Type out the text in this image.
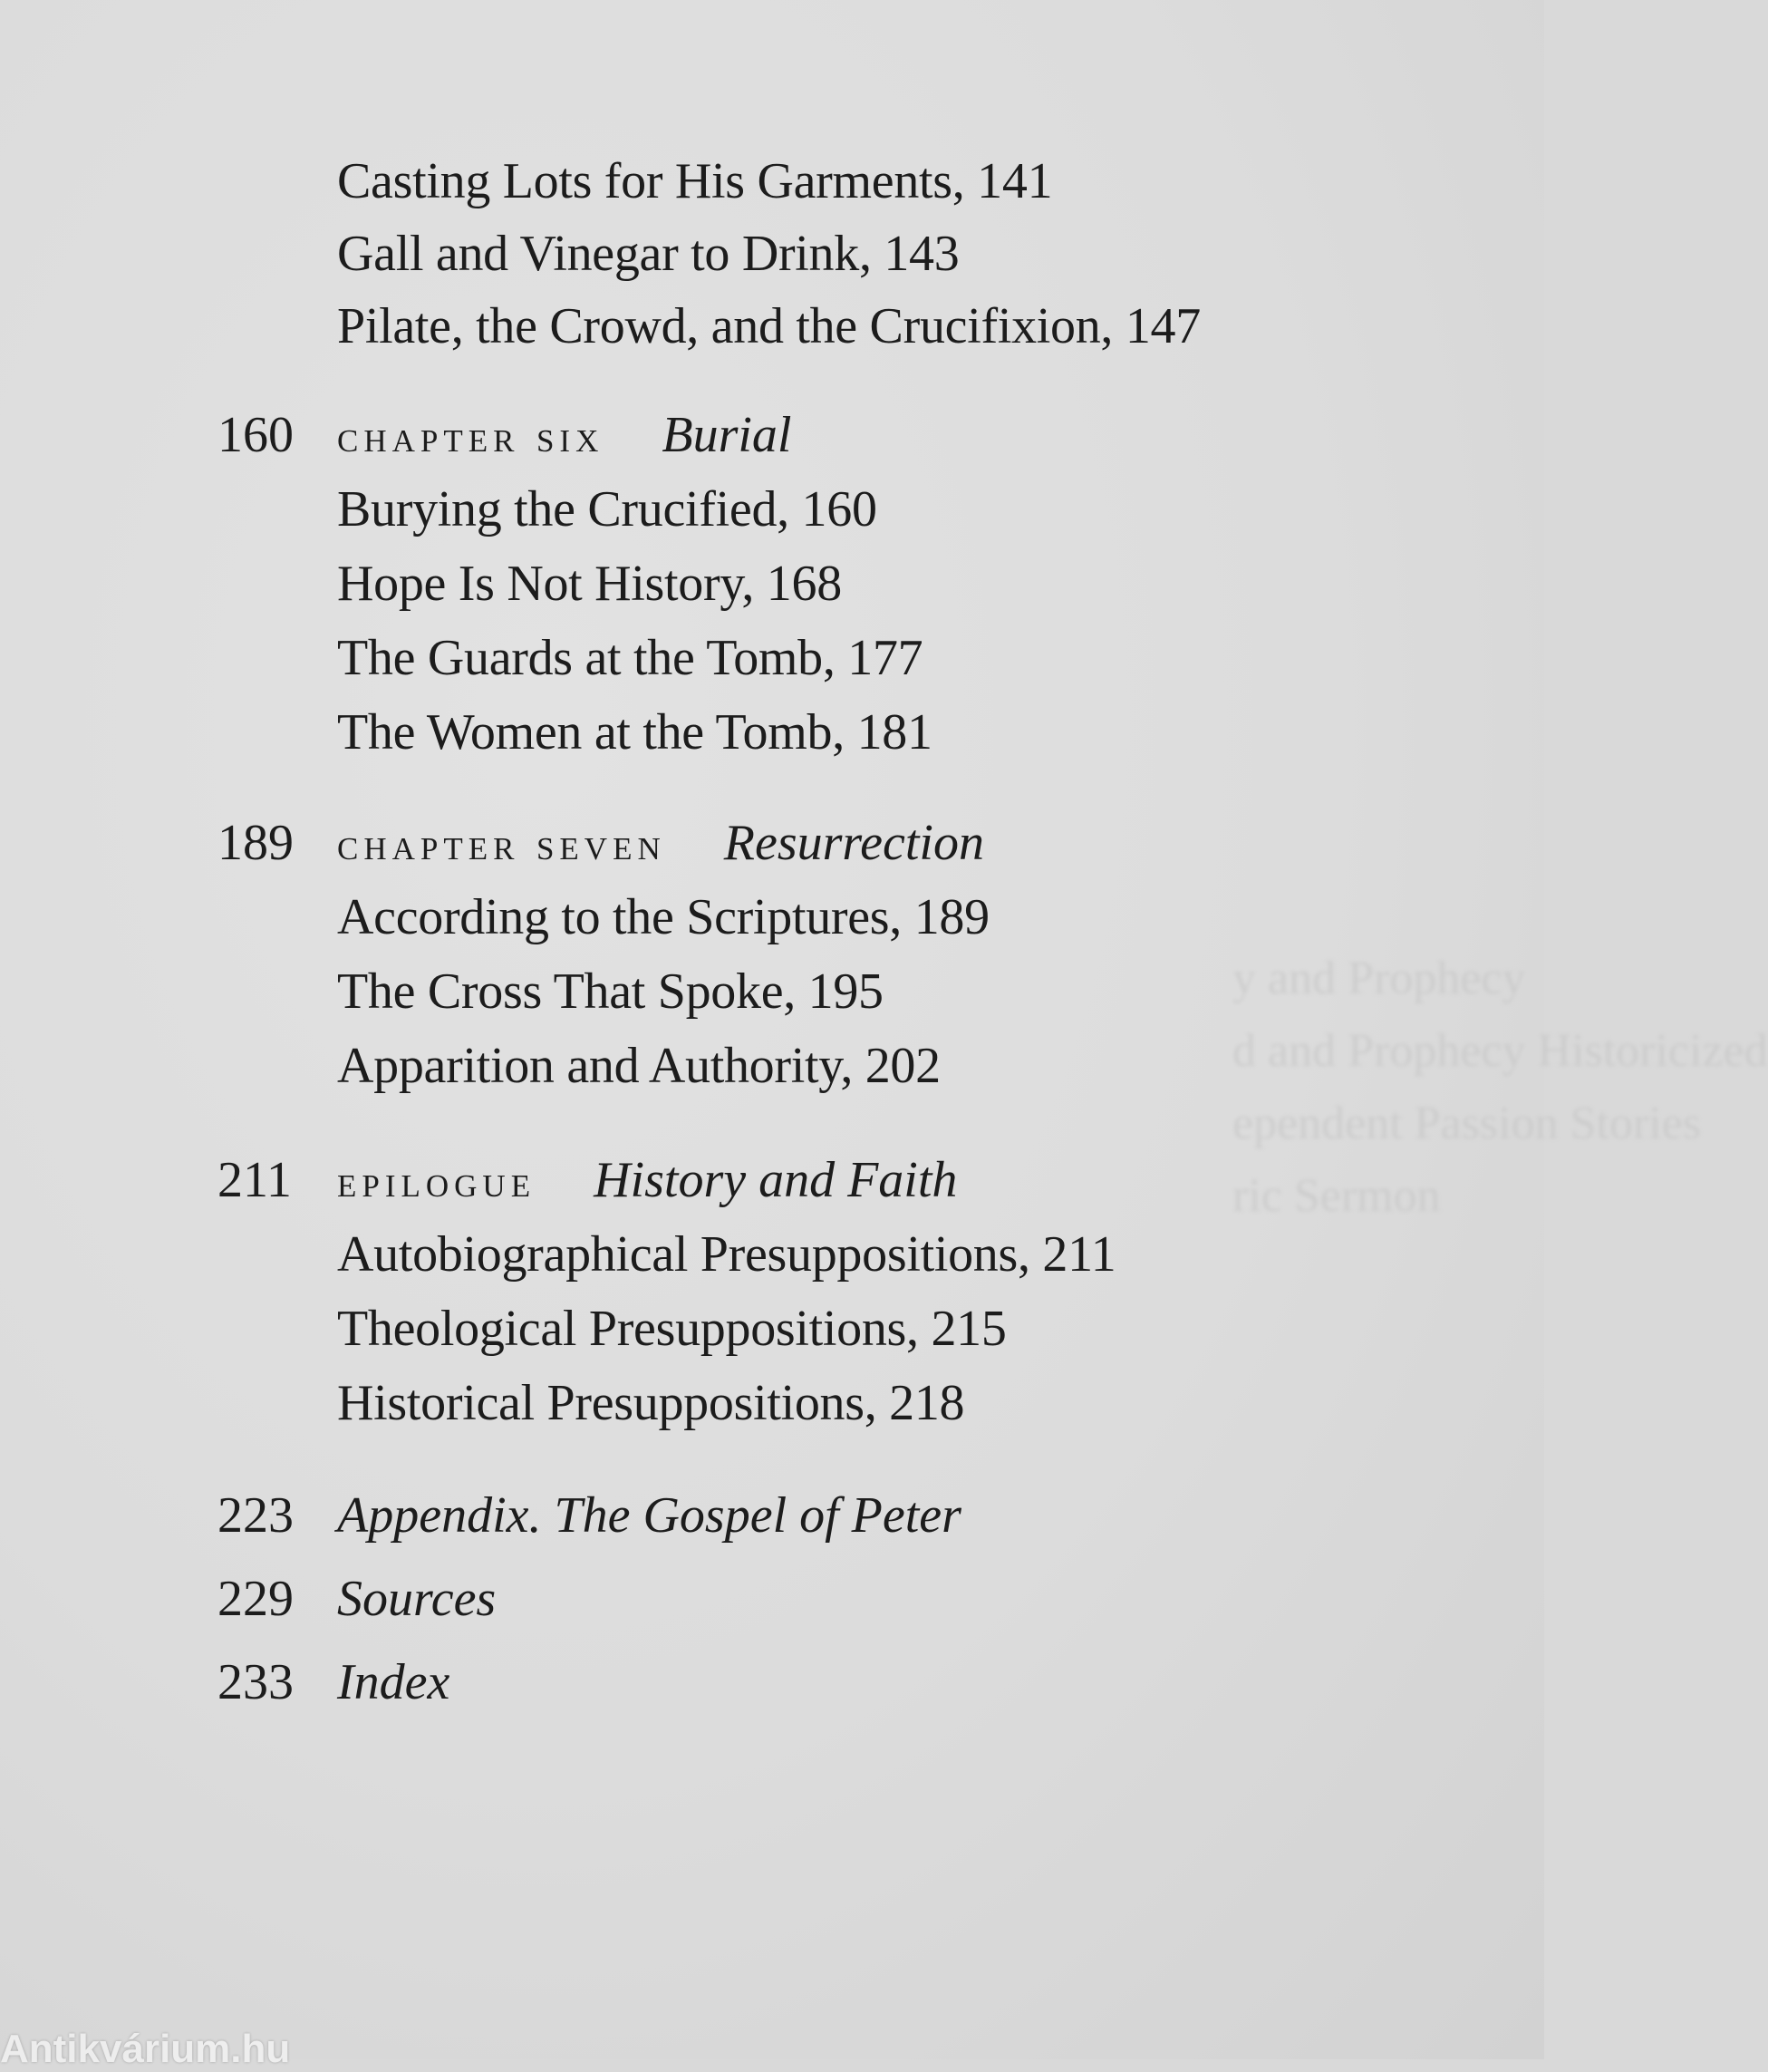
y and Prophecy
d and Prophecy Historicized
ependent Passion Stories
ric Sermon
Casting Lots for His Garments, 141
Gall and Vinegar to Drink, 143
Pilate, the Crowd, and the Crucifixion, 147
160 chapter six Burial
Burying the Crucified, 160
Hope Is Not History, 168
The Guards at the Tomb, 177
The Women at the Tomb, 181
189 chapter seven Resurrection
According to the Scriptures, 189
The Cross That Spoke, 195
Apparition and Authority, 202
211 epilogue History and Faith
Autobiographical Presuppositions, 211
Theological Presuppositions, 215
Historical Presuppositions, 218
223 Appendix. The Gospel of Peter
229 Sources
233 Index
Antikvárium.hu
